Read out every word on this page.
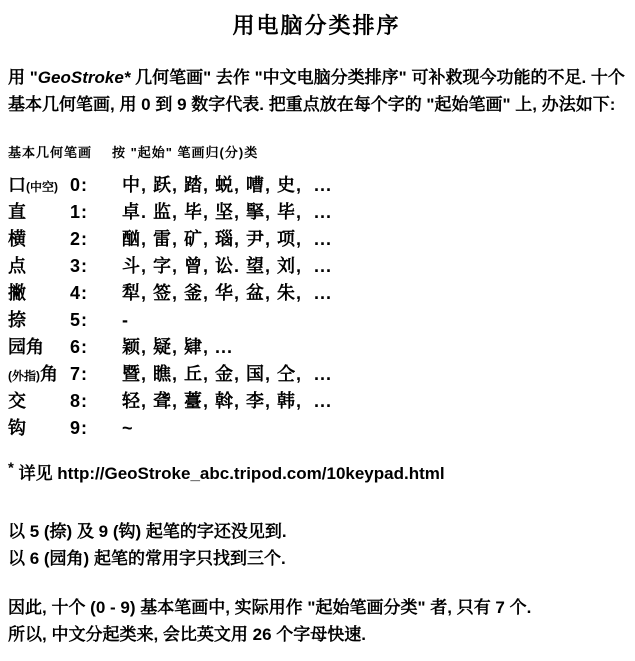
用电脑分类排序

用 "GeoStroke* 几何笔画" 去作 "中文电脑分类排序" 可补救现今功能的不足. 十个基本几何笔画, 用 0 到 9 数字代表. 把重点放在每个字的 "起始笔画" 上, 办法如下:

基本几何笔画	按 "起始" 笔画归(分)类
口(中空) 0:	中, 跃, 踏, 蜕, 嘈, 史,  ...
直	1:	卓. 监, 毕, 坚, 掔, 毕,  ...
横	2:	酗, 雷, 矿, 瑙, 尹, 项,  ...
点	3:	斗, 字, 曾, 讼. 望, 刘,  ...
撇	4:	犁, 签, 釜, 华, 盆, 朱,  ...
捺	5:	-
园角	6:	颖, 疑, 肄, ...
(外指)角 7:	暨, 瞧, 丘, 金, 国, 仝,  ...
交	8:	轻, 聋, 薹, 斡, 李, 韩,  ...
钩	9:	~

* 详见 http://GeoStroke_abc.tripod.com/10keypad.html

以 5 (捺) 及 9 (钩) 起笔的字还没见到.
以 6 (园角) 起笔的常用字只找到三个.
因此, 十个 (0 - 9) 基本笔画中, 实际用作 "起始笔画分类" 者, 只有 7 个.
所以, 中文分起类来, 会比英文用 26 个字母快速.
